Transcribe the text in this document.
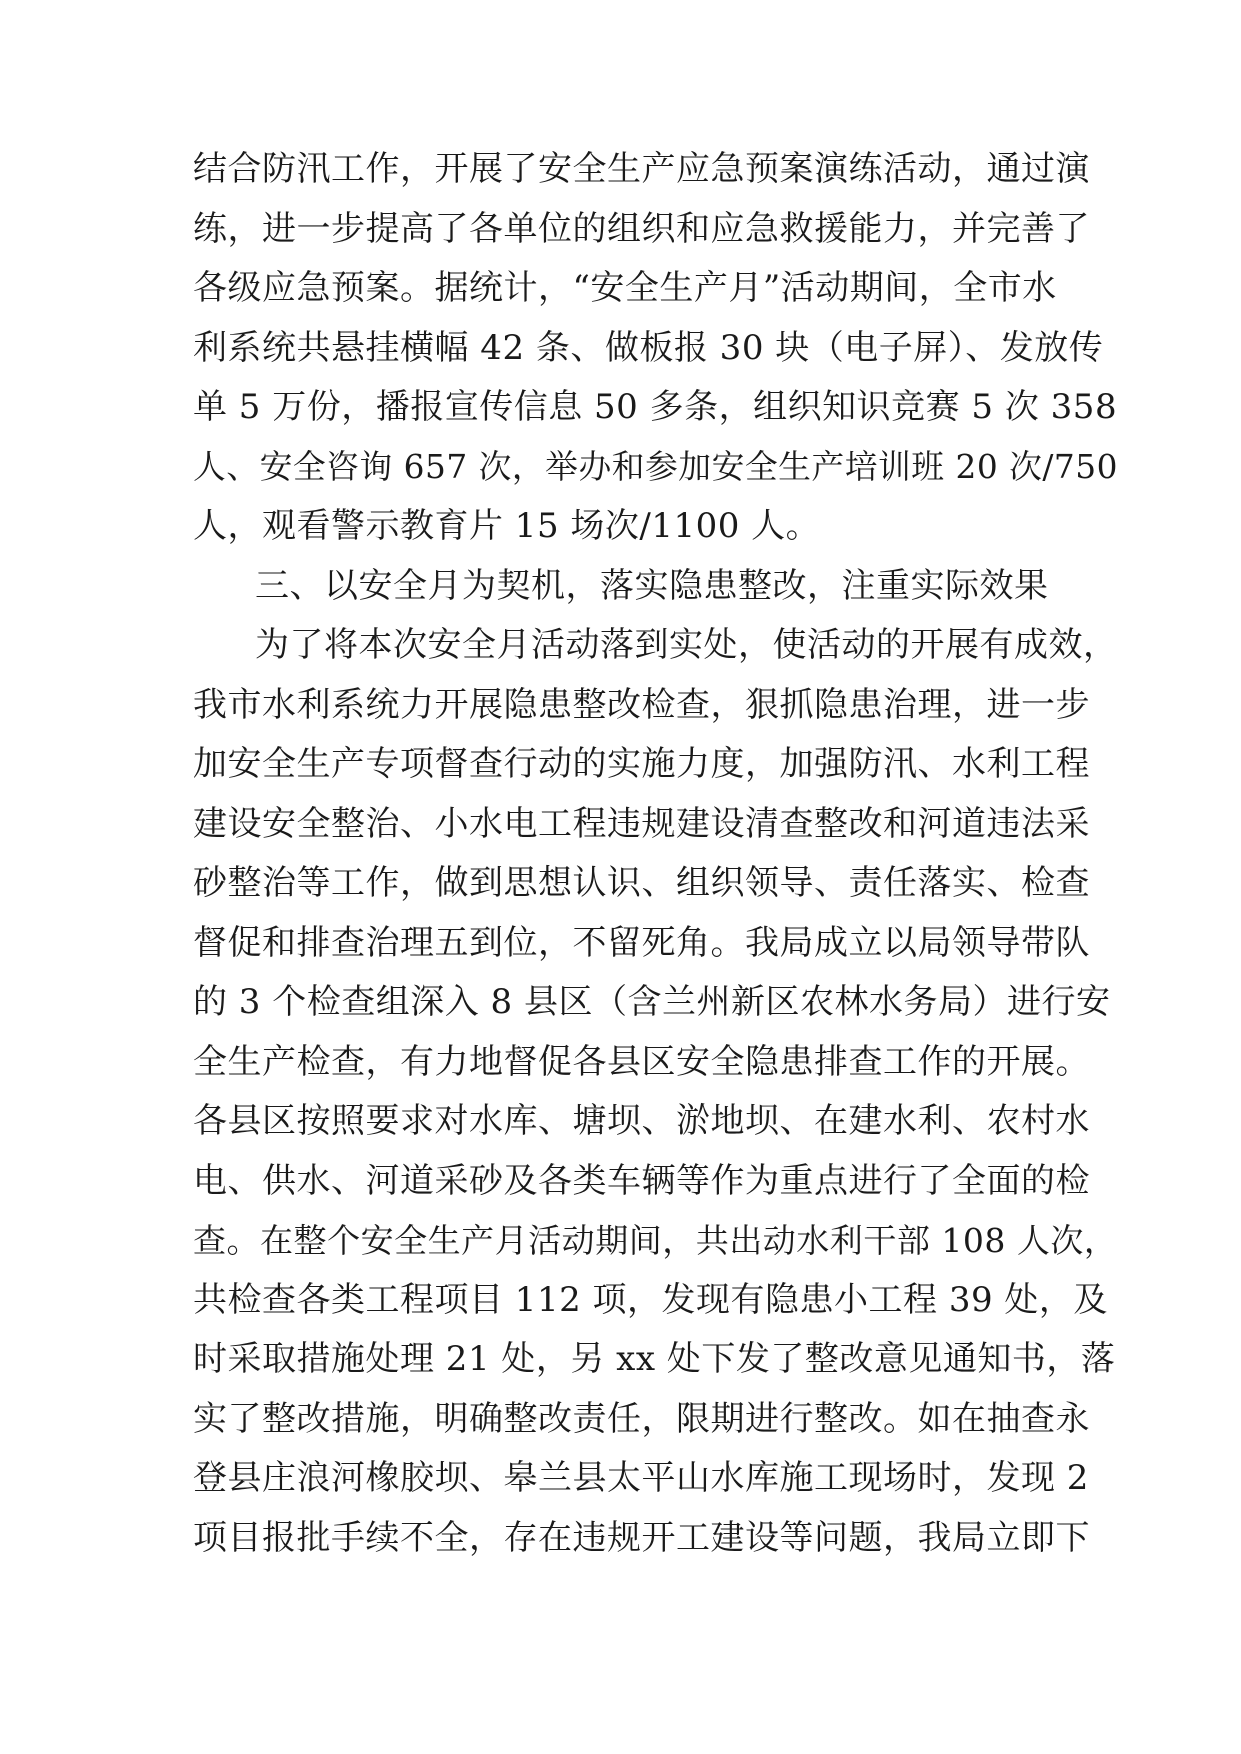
结合防汛工作，开展了安全生产应急预案演练活动，通过演
练，进一步提高了各单位的组织和应急救援能力，并完善了
各级应急预案。据统计，“安全生产月”活动期间，全市水
利系统共悬挂横幅 42 条、做板报 30 块（电子屏）、发放传
单 5 万份，播报宣传信息 50 多条，组织知识竞赛 5 次 358
人、安全咨询 657 次，举办和参加安全生产培训班 20 次/750
人，观看警示教育片 15 场次/1100 人。
三、以安全月为契机，落实隐患整改，注重实际效果
为了将本次安全月活动落到实处，使活动的开展有成效，
我市水利系统力开展隐患整改检查，狠抓隐患治理，进一步
加安全生产专项督查行动的实施力度，加强防汛、水利工程
建设安全整治、小水电工程违规建设清查整改和河道违法采
砂整治等工作，做到思想认识、组织领导、责任落实、检查
督促和排查治理五到位，不留死角。我局成立以局领导带队
的 3 个检查组深入 8 县区（含兰州新区农林水务局）进行安
全生产检查，有力地督促各县区安全隐患排查工作的开展。
各县区按照要求对水库、塘坝、淤地坝、在建水利、农村水
电、供水、河道采砂及各类车辆等作为重点进行了全面的检
查。在整个安全生产月活动期间，共出动水利干部 108 人次，
共检查各类工程项目 112 项，发现有隐患小工程 39 处，及
时采取措施处理 21 处，另 xx 处下发了整改意见通知书，落
实了整改措施，明确整改责任，限期进行整改。如在抽查永
登县庄浪河橡胶坝、皋兰县太平山水库施工现场时，发现 2
项目报批手续不全，存在违规开工建设等问题，我局立即下
